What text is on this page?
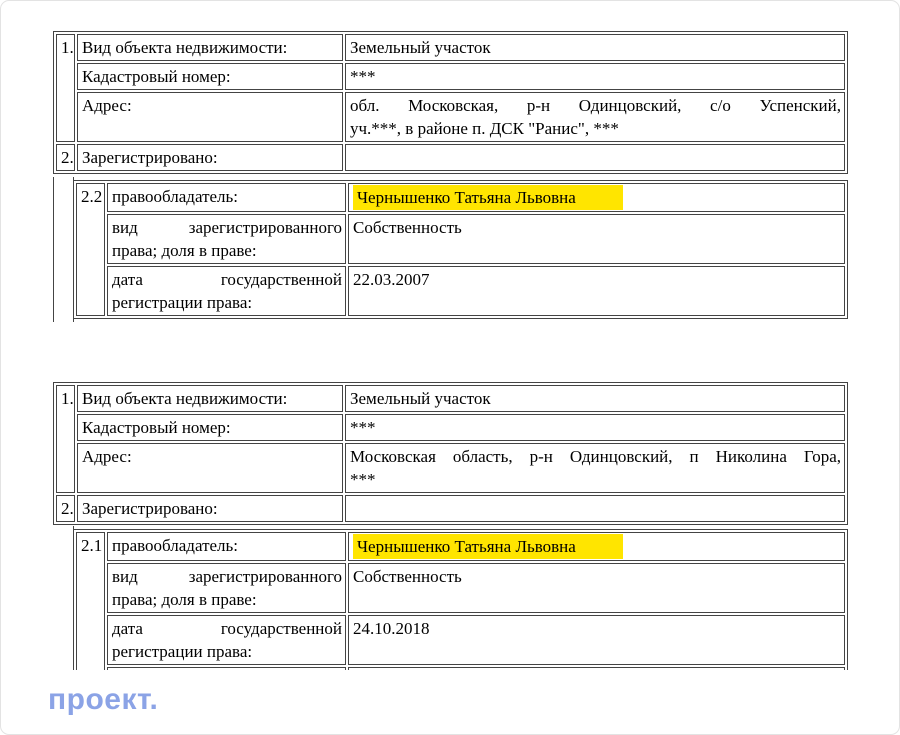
1.	Вид объекта недвижимости:	Земельный участок
	Кадастровый номер:	***
	Адрес:	обл. Московская, р-н Одинцовский, с/о Успенский,
уч.***, в районе п. ДСК "Ранис", ***

2.	Зарегистрировано:	
2.2	правообладатель:	Чернышенко Татьяна Львовна

	вид зарегистрированного
права; доля в праве:	Собственность

	дата государственной
регистрации права:	22.03.2007
1.	Вид объекта недвижимости:	Земельный участок
	Кадастровый номер:	***
	Адрес:	Московская область, р-н Одинцовский, п Николина Гора,
***

2.	Зарегистрировано:	
2.1	правообладатель:	Чернышенко Татьяна Львовна

	вид зарегистрированного
права; доля в праве:	Собственность

	дата государственной
регистрации права:	24.10.2018

проект.
